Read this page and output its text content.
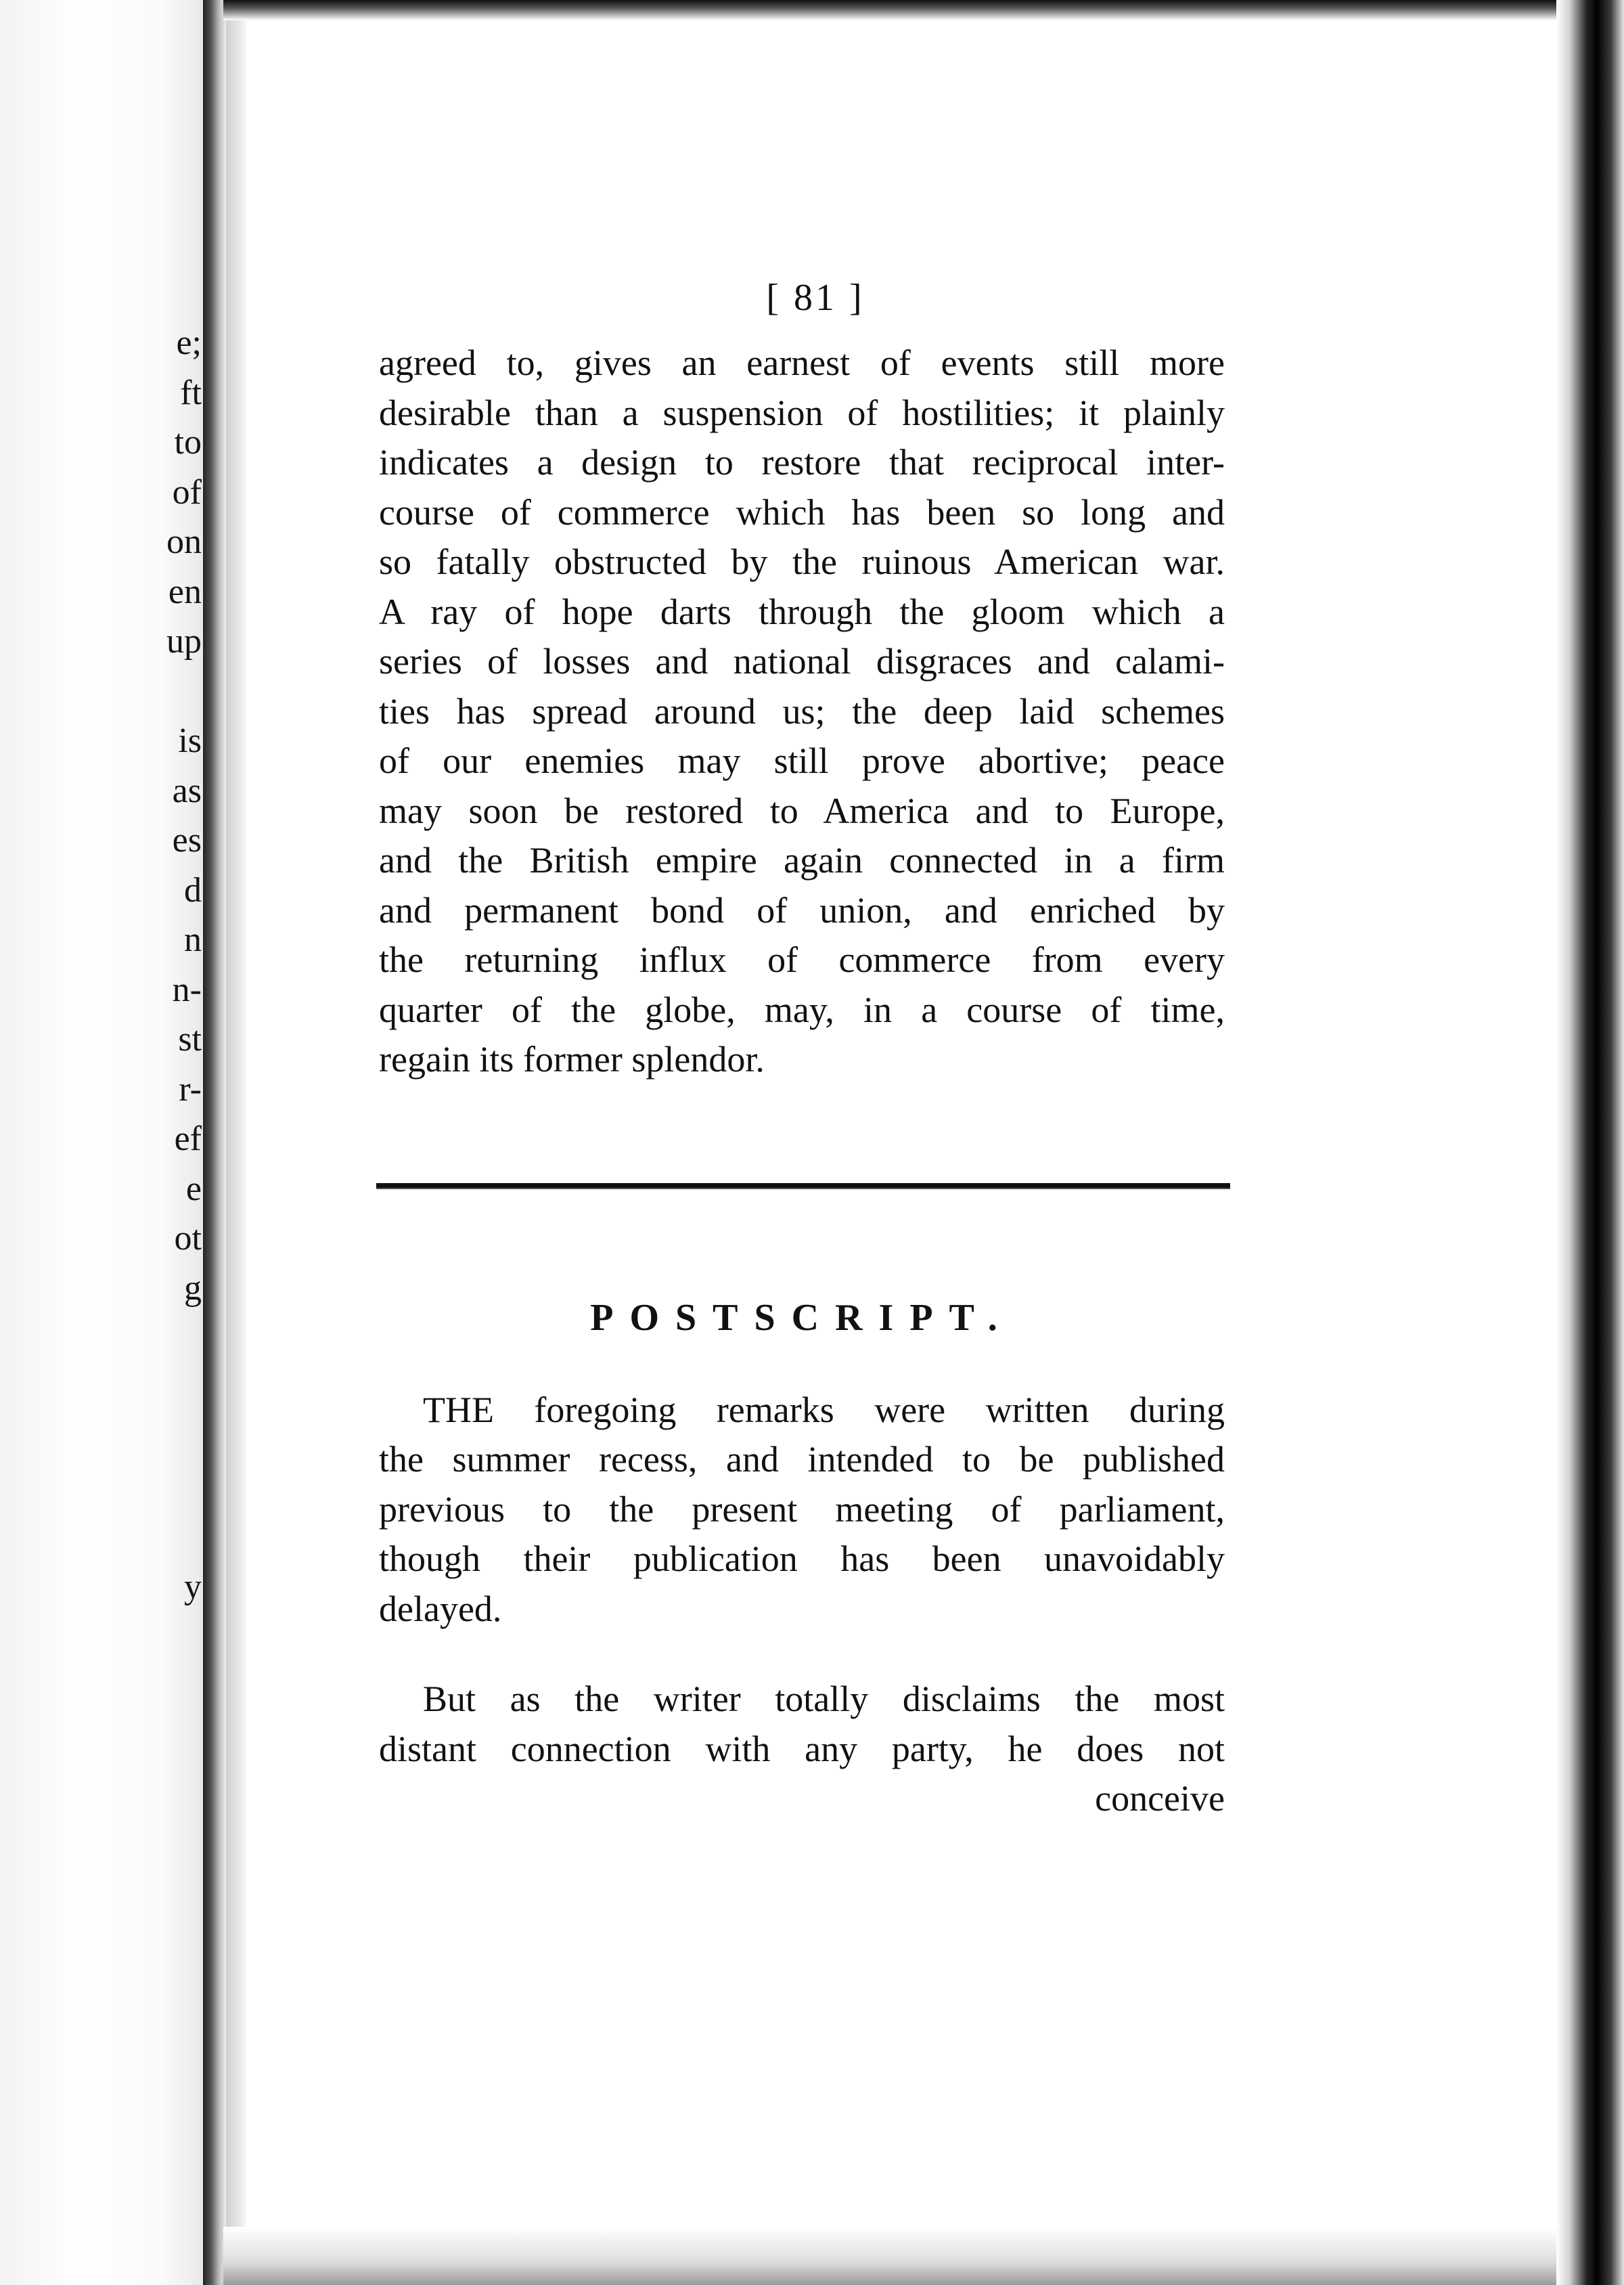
e;
ft
to
of
on
en
up
is
as
es
d
n
n-
st
r-
ef
e
ot
g
y
[ 81 ]
agreed to, gives an earnest of events still more
desirable than a suspension of hostilities; it plainly
indicates a design to restore that reciprocal inter-
course of commerce which has been so long and
so fatally obstructed by the ruinous American war.
A ray of hope darts through the gloom which a
series of losses and national disgraces and calami-
ties has spread around us; the deep laid schemes
of our enemies may still prove abortive; peace
may soon be restored to America and to Europe,
and the British empire again connected in a firm
and permanent bond of union, and enriched by
the returning influx of commerce from every
quarter of the globe, may, in a course of time,
regain its former splendor.
POSTSCRIPT.
THE foregoing remarks were written during
the summer recess, and intended to be published
previous to the present meeting of parliament,
though their publication has been unavoidably
delayed.
But as the writer totally disclaims the most
distant connection with any party, he does not
conceive
